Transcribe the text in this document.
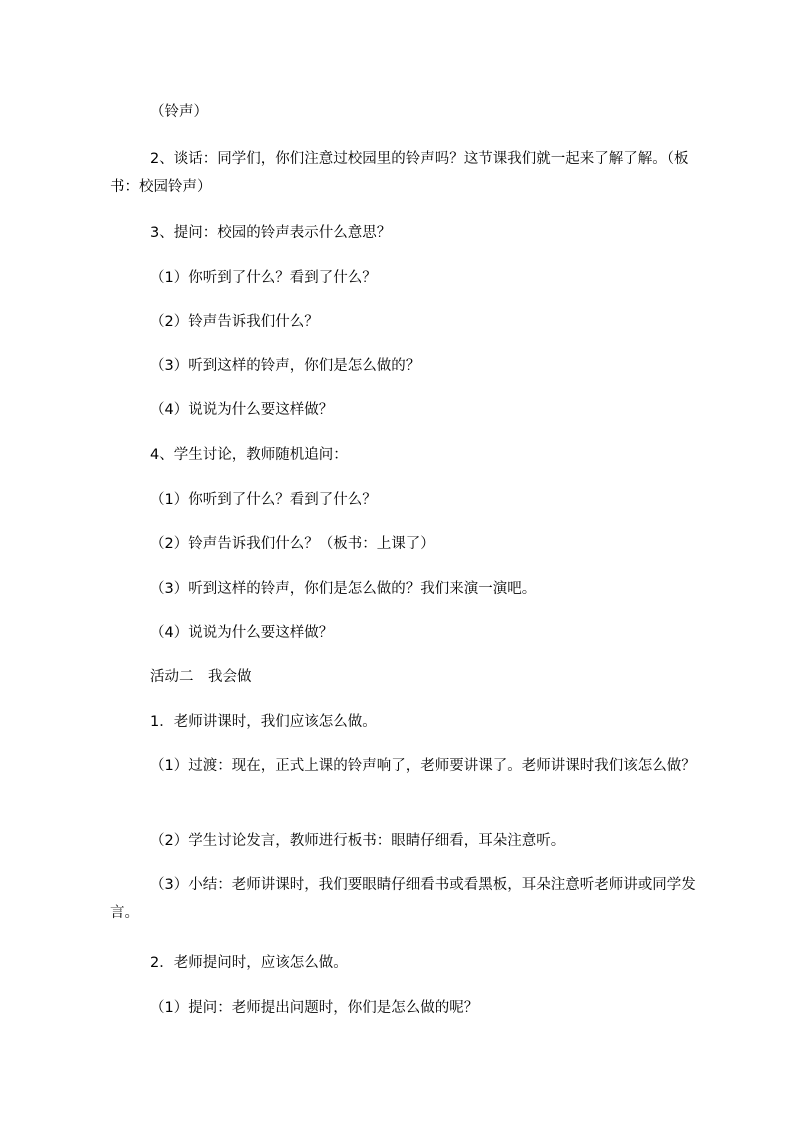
（铃声）

2、谈话：同学们，你们注意过校园里的铃声吗？这节课我们就一起来了解了解。（板书：校园铃声）

3、提问：校园的铃声表示什么意思？

（1）你听到了什么？看到了什么？

（2）铃声告诉我们什么？

（3）听到这样的铃声，你们是怎么做的？

（4）说说为什么要这样做？

4、学生讨论，教师随机追问：

（1）你听到了什么？看到了什么？

（2）铃声告诉我们什么？（板书：上课了）

（3）听到这样的铃声，你们是怎么做的？我们来演一演吧。

（4）说说为什么要这样做？

活动二　我会做

1．老师讲课时，我们应该怎么做。

（1）过渡：现在，正式上课的铃声响了，老师要讲课了。老师讲课时我们该怎么做？

（2）学生讨论发言，教师进行板书：眼睛仔细看，耳朵注意听。

（3）小结：老师讲课时，我们要眼睛仔细看书或看黑板，耳朵注意听老师讲或同学发言。

2．老师提问时，应该怎么做。

（1）提问：老师提出问题时，你们是怎么做的呢？
